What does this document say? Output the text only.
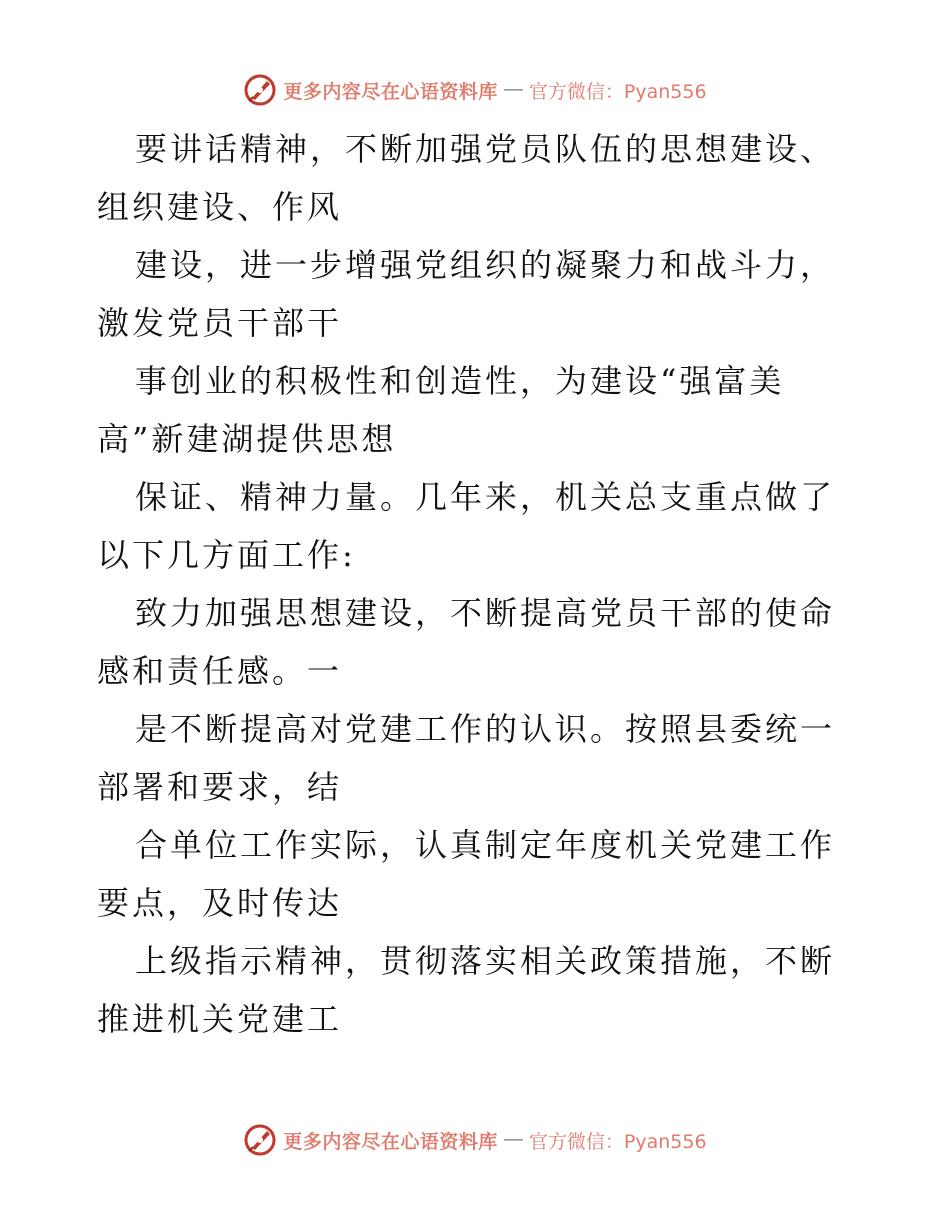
更多内容尽在心语资料库 — 官方微信：Pyan556

要讲话精神，不断加强党员队伍的思想建设、组织建设、作风

建设，进一步增强党组织的凝聚力和战斗力，激发党员干部干

事创业的积极性和创造性，为建设“强富美高”新建湖提供思想

保证、精神力量。几年来，机关总支重点做了以下几方面工作:

致力加强思想建设，不断提高党员干部的使命感和责任感。一

是不断提高对党建工作的认识。按照县委统一部署和要求，结

合单位工作实际，认真制定年度机关党建工作要点，及时传达

上级指示精神，贯彻落实相关政策措施，不断推进机关党建工

更多内容尽在心语资料库 — 官方微信：Pyan556
